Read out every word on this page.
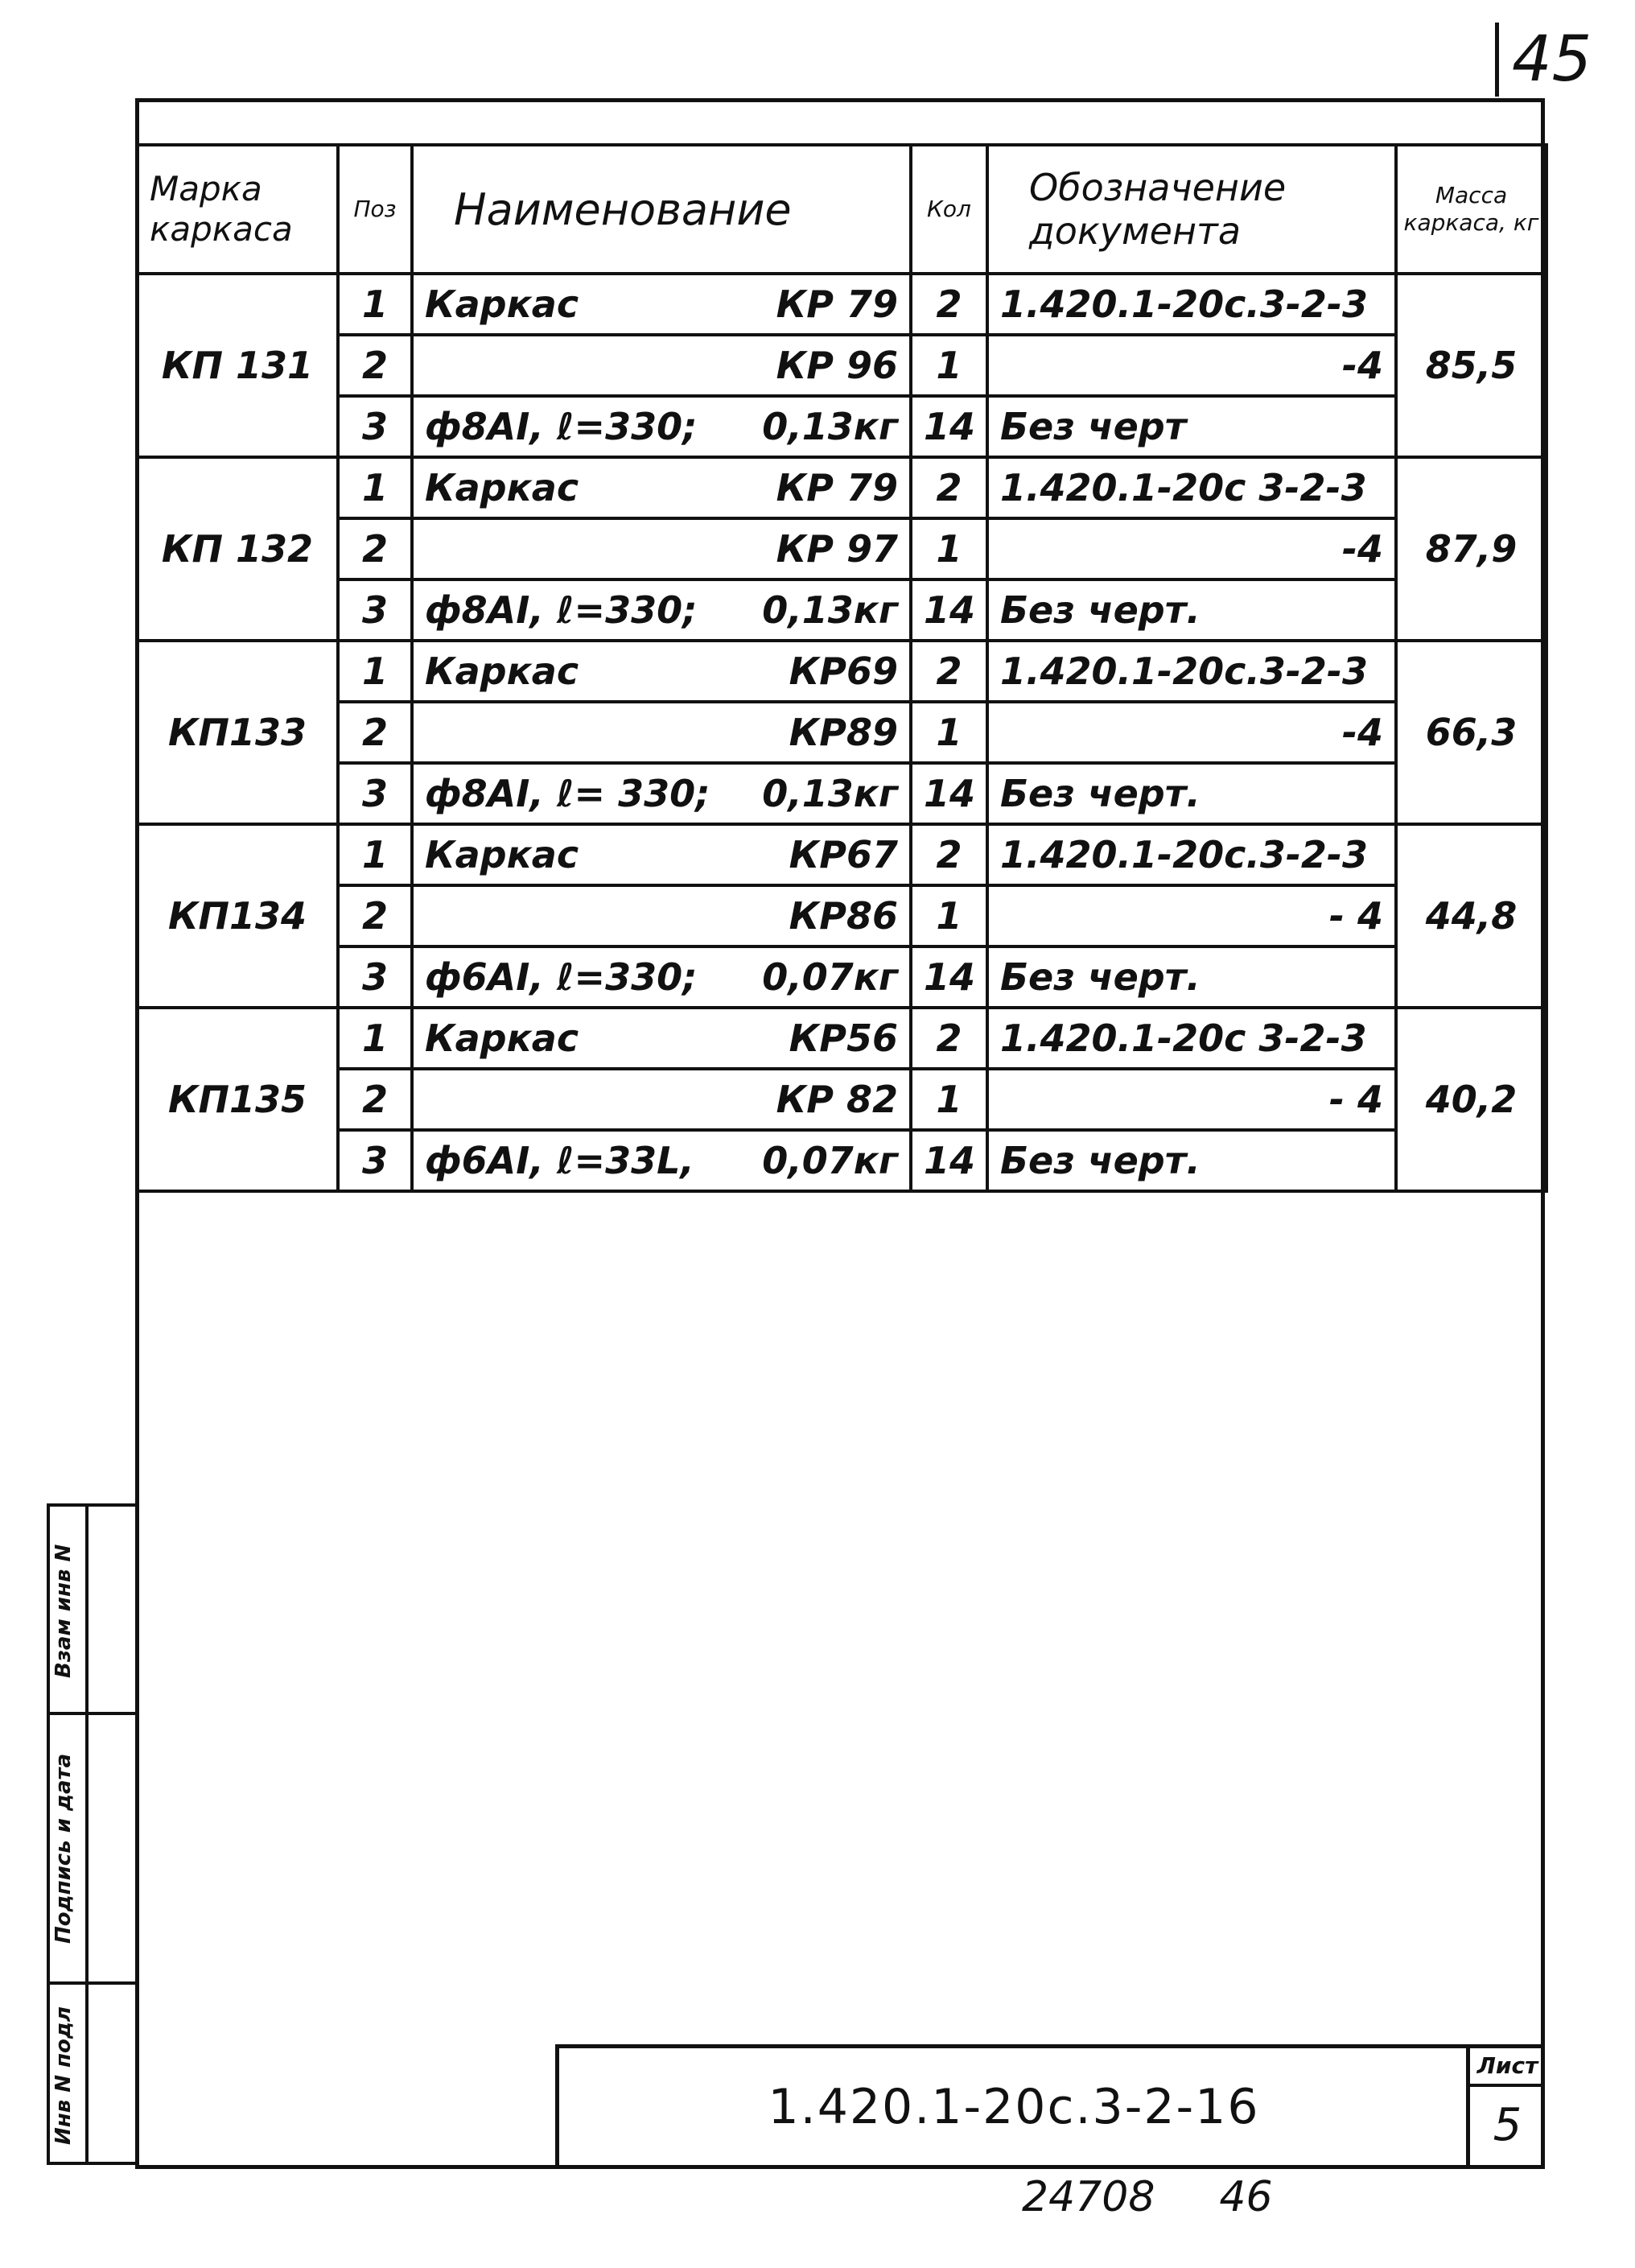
45
Марка каркаса	Поз	Наименование	Кол	Обозначение документа	Масса каркаса, кг
КП 131	1	Каркас КР 79	2	1.420.1-20с.3-2-3	85,5
	2	КР 96	1	-4	
	3	ф8АI, ℓ=330; 0,13кг	14	Без черт	
КП 132	1	Каркас КР 79	2	1.420.1-20с 3-2-3	87,9
	2	КР 97	1	-4	
	3	ф8АI, ℓ=330; 0,13кг	14	Без черт.	
КП133	1	Каркас КР69	2	1.420.1-20с.3-2-3	66,3
	2	КР89	1	-4	
	3	ф8АI, ℓ= 330; 0,13кг	14	Без черт.	
КП134	1	Каркас КР67	2	1.420.1-20с.3-2-3	44,8
	2	КР86	1	- 4	
	3	ф6АI, ℓ=330; 0,07кг	14	Без черт.	
КП135	1	Каркас КР56	2	1.420.1-20с 3-2-3	40,2
	2	КР 82	1	- 4	
	3	ф6АI, ℓ=33L, 0,07кг	14	Без черт.	
Инв N подл
Подпись и дата
Взам инв N
1.420.1-20с.3-2-16
Лист
5
24708 46
